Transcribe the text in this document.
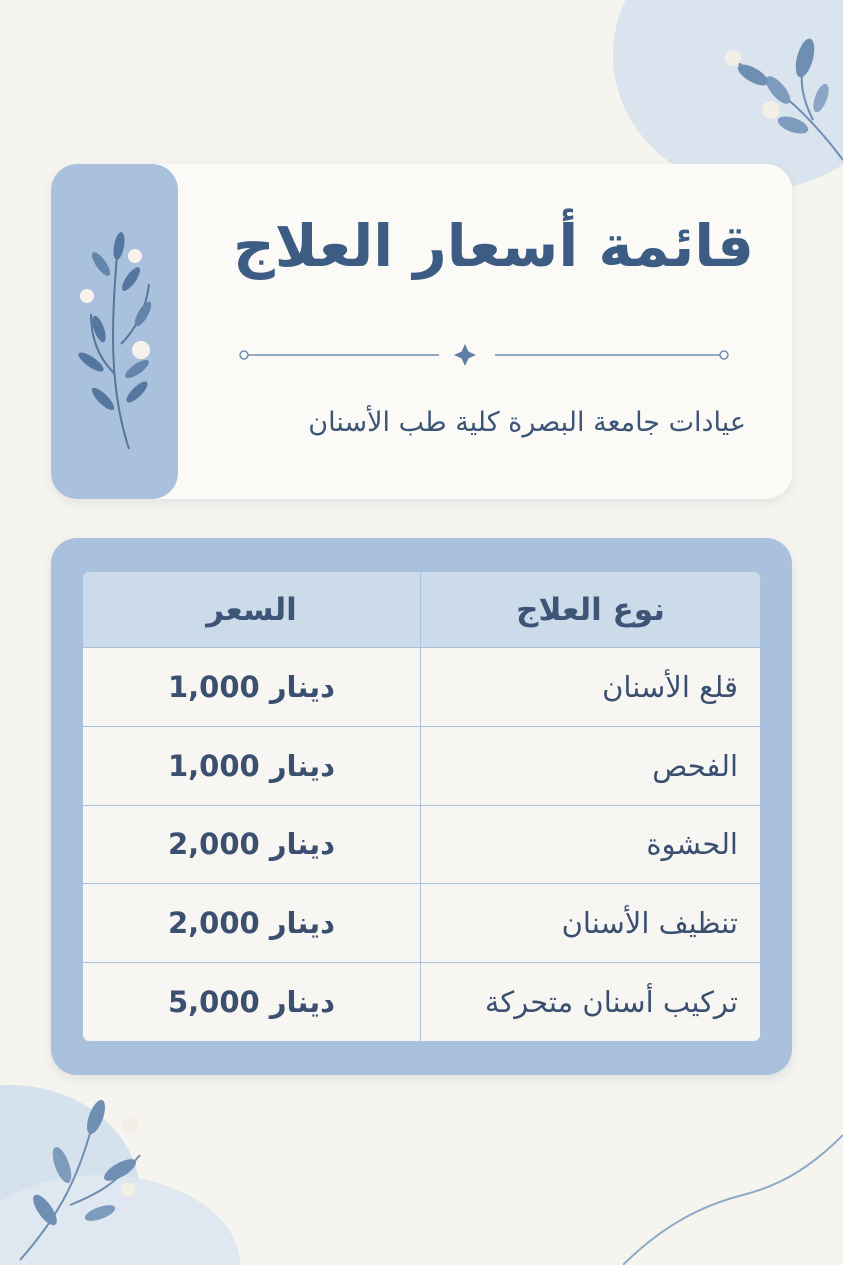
قائمة أسعار العلاج
عيادات جامعة البصرة كلية طب الأسنان
نوع العلاج	السعر
قلع الأسنان	دينار 1,000
الفحص	دينار 1,000
الحشوة	دينار 2,000
تنظيف الأسنان	دينار 2,000
تركيب أسنان متحركة	دينار 5,000
